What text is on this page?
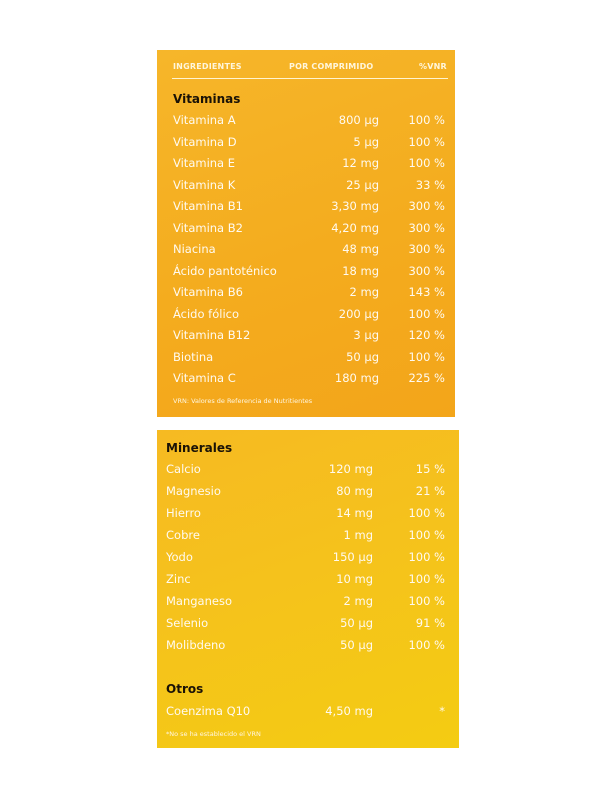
INGREDIENTES	POR COMPRIMIDO	%VNR
Vitaminas
Vitamina A	800 µg	100 %
Vitamina D	5 µg	100 %
Vitamina E	12 mg	100 %
Vitamina K	25 µg	33 %
Vitamina B1	3,30 mg	300 %
Vitamina B2	4,20 mg	300 %
Niacina	48 mg	300 %
Ácido pantoténico	18 mg	300 %
Vitamina B6	2 mg	143 %
Ácido fólico	200 µg	100 %
Vitamina B12	3 µg	120 %
Biotina	50 µg	100 %
Vitamina C	180 mg	225 %
VRN: Valores de Referencia de Nutritientes
Minerales
Calcio	120 mg	15 %
Magnesio	80 mg	21 %
Hierro	14 mg	100 %
Cobre	1 mg	100 %
Yodo	150 µg	100 %
Zinc	10 mg	100 %
Manganeso	2 mg	100 %
Selenio	50 µg	91 %
Molibdeno	50 µg	100 %
Otros
Coenzima Q10	4,50 mg	*
*No se ha establecido el VRN
